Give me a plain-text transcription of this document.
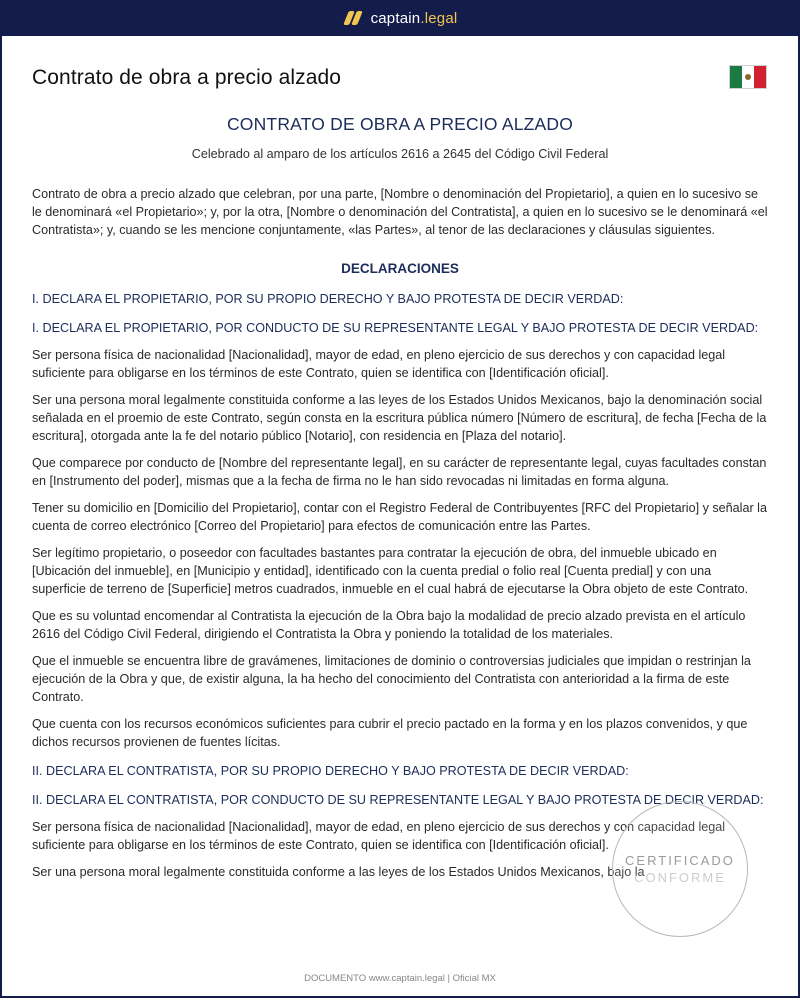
captain.legal
Contrato de obra a precio alzado
CONTRATO DE OBRA A PRECIO ALZADO

Celebrado al amparo de los artículos 2616 a 2645 del Código Civil Federal

Contrato de obra a precio alzado que celebran, por una parte, [Nombre o denominación del Propietario], a quien en lo sucesivo se le denominará «el Propietario»; y, por la otra, [Nombre o denominación del Contratista], a quien en lo sucesivo se le denominará «el Contratista»; y, cuando se les mencione conjuntamente, «las Partes», al tenor de las declaraciones y cláusulas siguientes.

DECLARACIONES

I. DECLARA EL PROPIETARIO, POR SU PROPIO DERECHO Y BAJO PROTESTA DE DECIR VERDAD:

I. DECLARA EL PROPIETARIO, POR CONDUCTO DE SU REPRESENTANTE LEGAL Y BAJO PROTESTA DE DECIR VERDAD:

Ser persona física de nacionalidad [Nacionalidad], mayor de edad, en pleno ejercicio de sus derechos y con capacidad legal suficiente para obligarse en los términos de este Contrato, quien se identifica con [Identificación oficial].

Ser una persona moral legalmente constituida conforme a las leyes de los Estados Unidos Mexicanos, bajo la denominación social señalada en el proemio de este Contrato, según consta en la escritura pública número [Número de escritura], de fecha [Fecha de la escritura], otorgada ante la fe del notario público [Notario], con residencia en [Plaza del notario].

Que comparece por conducto de [Nombre del representante legal], en su carácter de representante legal, cuyas facultades constan en [Instrumento del poder], mismas que a la fecha de firma no le han sido revocadas ni limitadas en forma alguna.

Tener su domicilio en [Domicilio del Propietario], contar con el Registro Federal de Contribuyentes [RFC del Propietario] y señalar la cuenta de correo electrónico [Correo del Propietario] para efectos de comunicación entre las Partes.

Ser legítimo propietario, o poseedor con facultades bastantes para contratar la ejecución de obra, del inmueble ubicado en [Ubicación del inmueble], en [Municipio y entidad], identificado con la cuenta predial o folio real [Cuenta predial] y con una superficie de terreno de [Superficie] metros cuadrados, inmueble en el cual habrá de ejecutarse la Obra objeto de este Contrato.

Que es su voluntad encomendar al Contratista la ejecución de la Obra bajo la modalidad de precio alzado prevista en el artículo 2616 del Código Civil Federal, dirigiendo el Contratista la Obra y poniendo la totalidad de los materiales.

Que el inmueble se encuentra libre de gravámenes, limitaciones de dominio o controversias judiciales que impidan o restrinjan la ejecución de la Obra y que, de existir alguna, la ha hecho del conocimiento del Contratista con anterioridad a la firma de este Contrato.

Que cuenta con los recursos económicos suficientes para cubrir el precio pactado en la forma y en los plazos convenidos, y que dichos recursos provienen de fuentes lícitas.

II. DECLARA EL CONTRATISTA, POR SU PROPIO DERECHO Y BAJO PROTESTA DE DECIR VERDAD:

II. DECLARA EL CONTRATISTA, POR CONDUCTO DE SU REPRESENTANTE LEGAL Y BAJO PROTESTA DE DECIR VERDAD:

Ser persona física de nacionalidad [Nacionalidad], mayor de edad, en pleno ejercicio de sus derechos y con capacidad legal suficiente para obligarse en los términos de este Contrato, quien se identifica con [Identificación oficial].

Ser una persona moral legalmente constituida conforme a las leyes de los Estados Unidos Mexicanos, bajo la

CERTIFICADO
CONFORME
DOCUMENTO www.captain.legal | Oficial MX
